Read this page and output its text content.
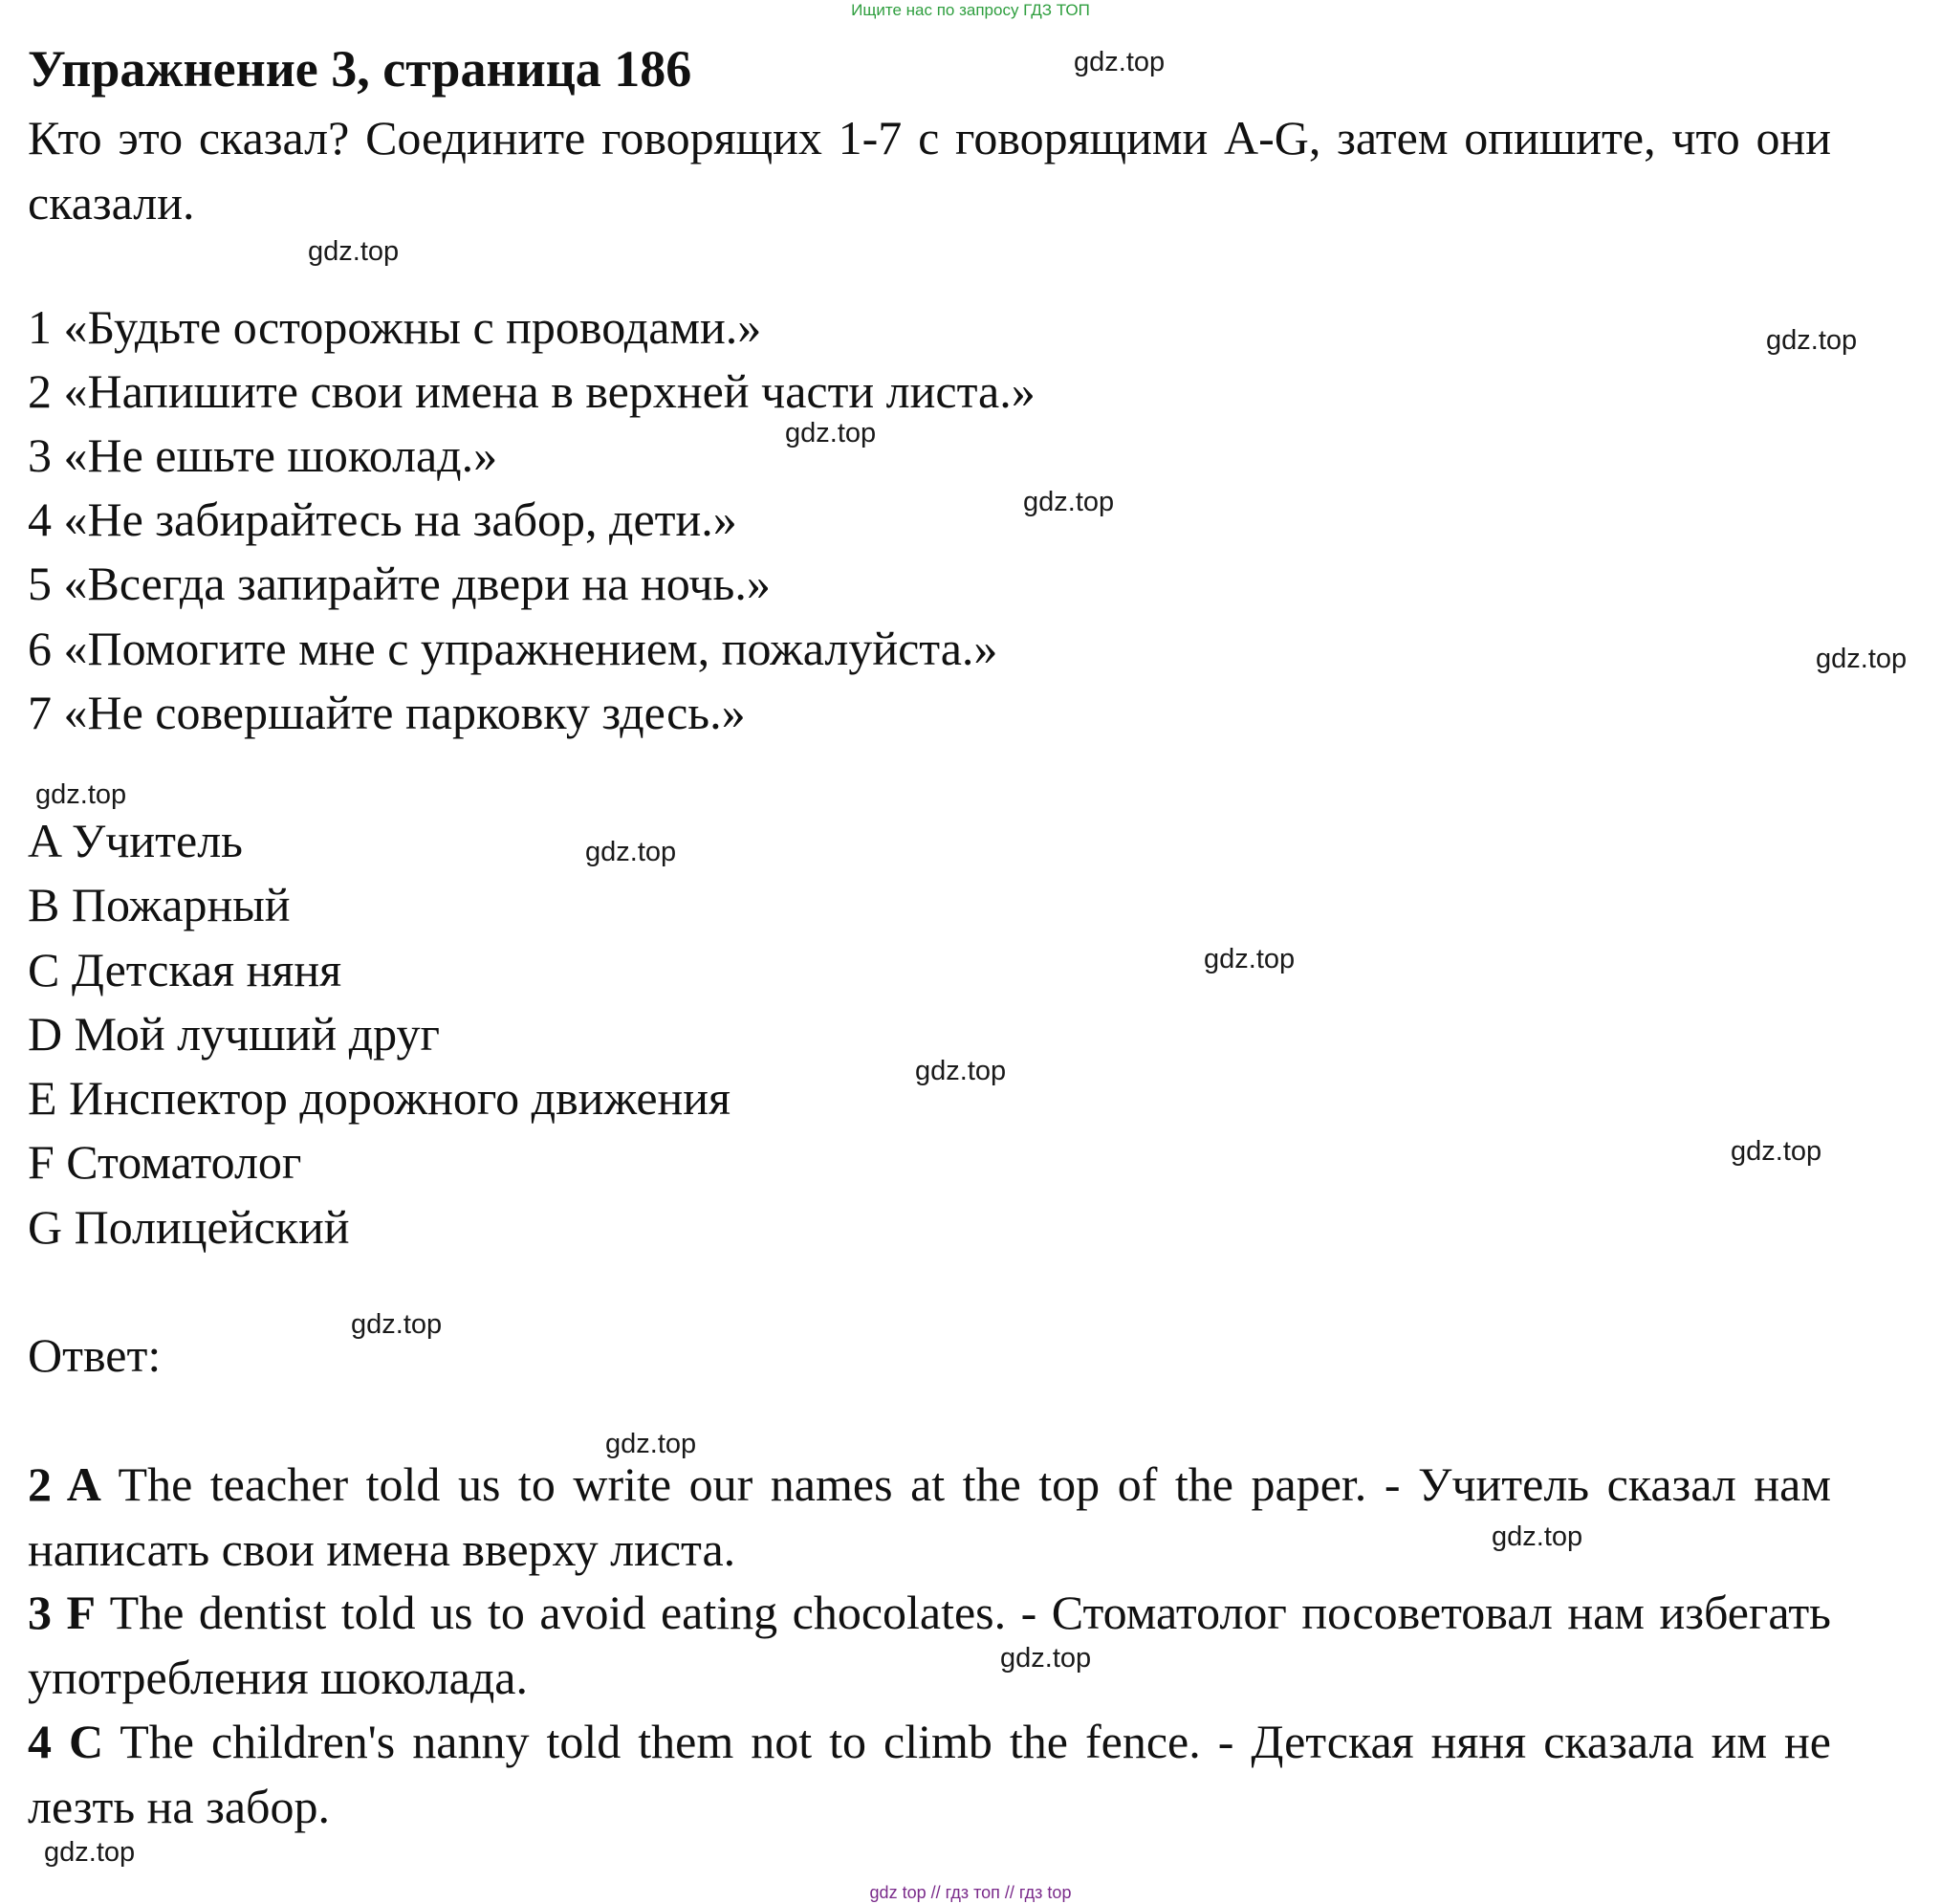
Ищите нас по запросу ГДЗ ТОП
Упражнение 3, страница 186

Кто это сказал? Соедините говорящих 1-7 с говорящими A-G, затем опишите, что они сказали.

1 «Будьте осторожны с проводами.»
2 «Напишите свои имена в верхней части листа.»
3 «Не ешьте шоколад.»
4 «Не забирайтесь на забор, дети.»
5 «Всегда запирайте двери на ночь.»
6 «Помогите мне с упражнением, пожалуйста.»
7 «Не совершайте парковку здесь.»
A Учитель
B Пожарный
C Детская няня
D Мой лучший друг
E Инспектор дорожного движения
F Стоматолог
G Полицейский
Ответ:

2 A The teacher told us to write our names at the top of the paper. - Учитель сказал нам написать свои имена вверху листа.

3 F The dentist told us to avoid eating chocolates. - Стоматолог посоветовал нам избегать употребления шоколада.

4 C The children's nanny told them not to climb the fence. - Детская няня сказала им не лезть на забор.

gdz.top
gdz.top
gdz.top
gdz.top
gdz.top
gdz.top
gdz.top
gdz.top
gdz.top
gdz.top
gdz.top
gdz.top
gdz.top
gdz.top
gdz.top
gdz.top
gdz top // гдз топ // гдз top
